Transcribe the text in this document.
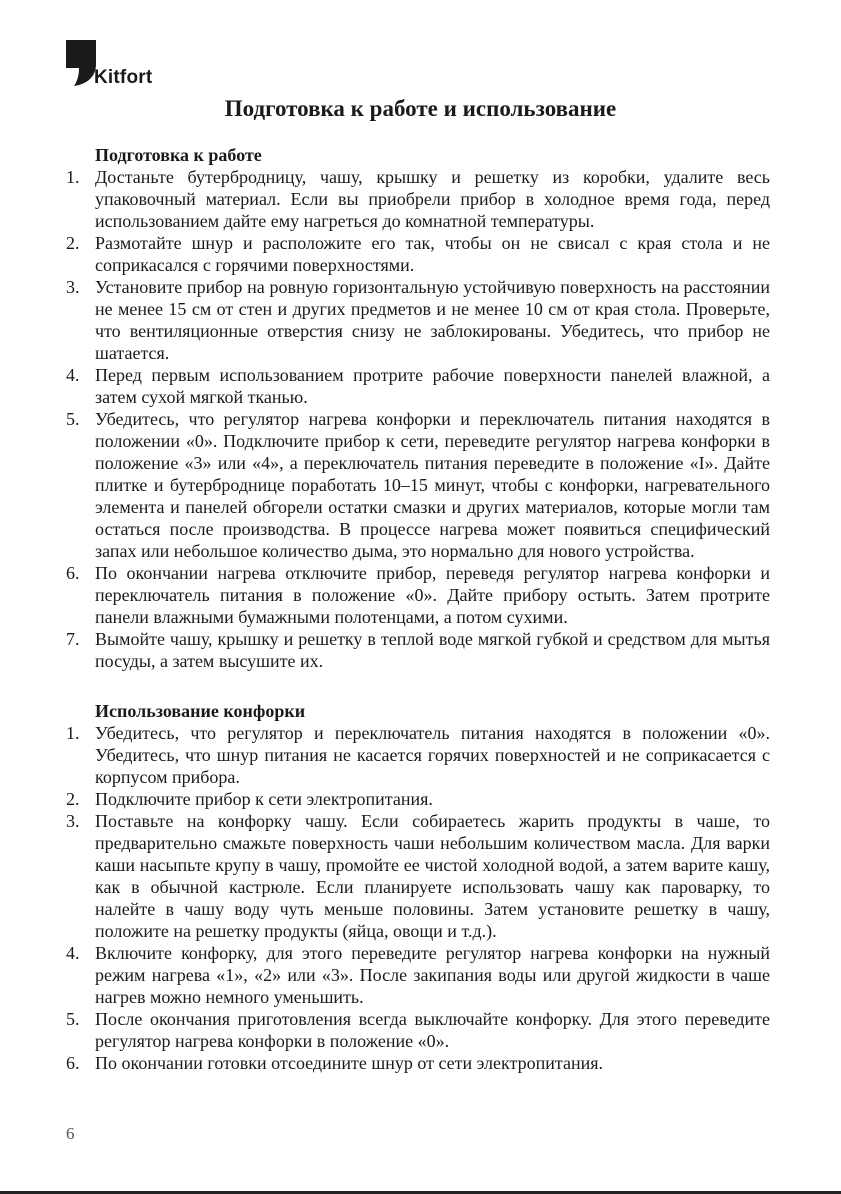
Kitfort
Подготовка к работе и использование
Подготовка к работе
1. Достаньте бутербродницу, чашу, крышку и решетку из коробки, удалите весь упаковочный материал. Если вы приобрели прибор в холодное время года, перед использованием дайте ему нагреться до комнатной температуры.
2. Размотайте шнур и расположите его так, чтобы он не свисал с края стола и не соприкасался с горячими поверхностями.
3. Установите прибор на ровную горизонтальную устойчивую поверхность на расстоянии не менее 15 см от стен и других предметов и не менее 10 см от края стола. Проверьте, что вентиляционные отверстия снизу не заблокированы. Убедитесь, что прибор не шатается.
4. Перед первым использованием протрите рабочие поверхности панелей влажной, а затем сухой мягкой тканью.
5. Убедитесь, что регулятор нагрева конфорки и переключатель питания находятся в положении «0». Подключите прибор к сети, переведите регулятор нагрева конфорки в положение «3» или «4», а переключатель питания переведите в положение «I». Дайте плитке и бутерброднице поработать 10–15 минут, чтобы с конфорки, нагревательного элемента и панелей обгорели остатки смазки и других материалов, которые могли там остаться после производства. В процессе нагрева может появиться специфический запах или небольшое количество дыма, это нормально для нового устройства.
6. По окончании нагрева отключите прибор, переведя регулятор нагрева конфорки и переключатель питания в положение «0». Дайте прибору остыть. Затем протрите панели влажными бумажными полотенцами, а потом сухими.
7. Вымойте чашу, крышку и решетку в теплой воде мягкой губкой и средством для мытья посуды, а затем высушите их.
Использование конфорки
1. Убедитесь, что регулятор и переключатель питания находятся в положении «0». Убедитесь, что шнур питания не касается горячих поверхностей и не соприкасается с корпусом прибора.
2. Подключите прибор к сети электропитания.
3. Поставьте на конфорку чашу. Если собираетесь жарить продукты в чаше, то предварительно смажьте поверхность чаши небольшим количеством масла. Для варки каши насыпьте крупу в чашу, промойте ее чистой холодной водой, а затем варите кашу, как в обычной кастрюле. Если планируете использовать чашу как пароварку, то налейте в чашу воду чуть меньше половины. Затем установите решетку в чашу, положите на решетку продукты (яйца, овощи и т.д.).
4. Включите конфорку, для этого переведите регулятор нагрева конфорки на нужный режим нагрева «1», «2» или «3». После закипания воды или другой жидкости в чаше нагрев можно немного уменьшить.
5. После окончания приготовления всегда выключайте конфорку. Для этого переведите регулятор нагрева конфорки в положение «0».
6. По окончании готовки отсоедините шнур от сети электропитания.
6
